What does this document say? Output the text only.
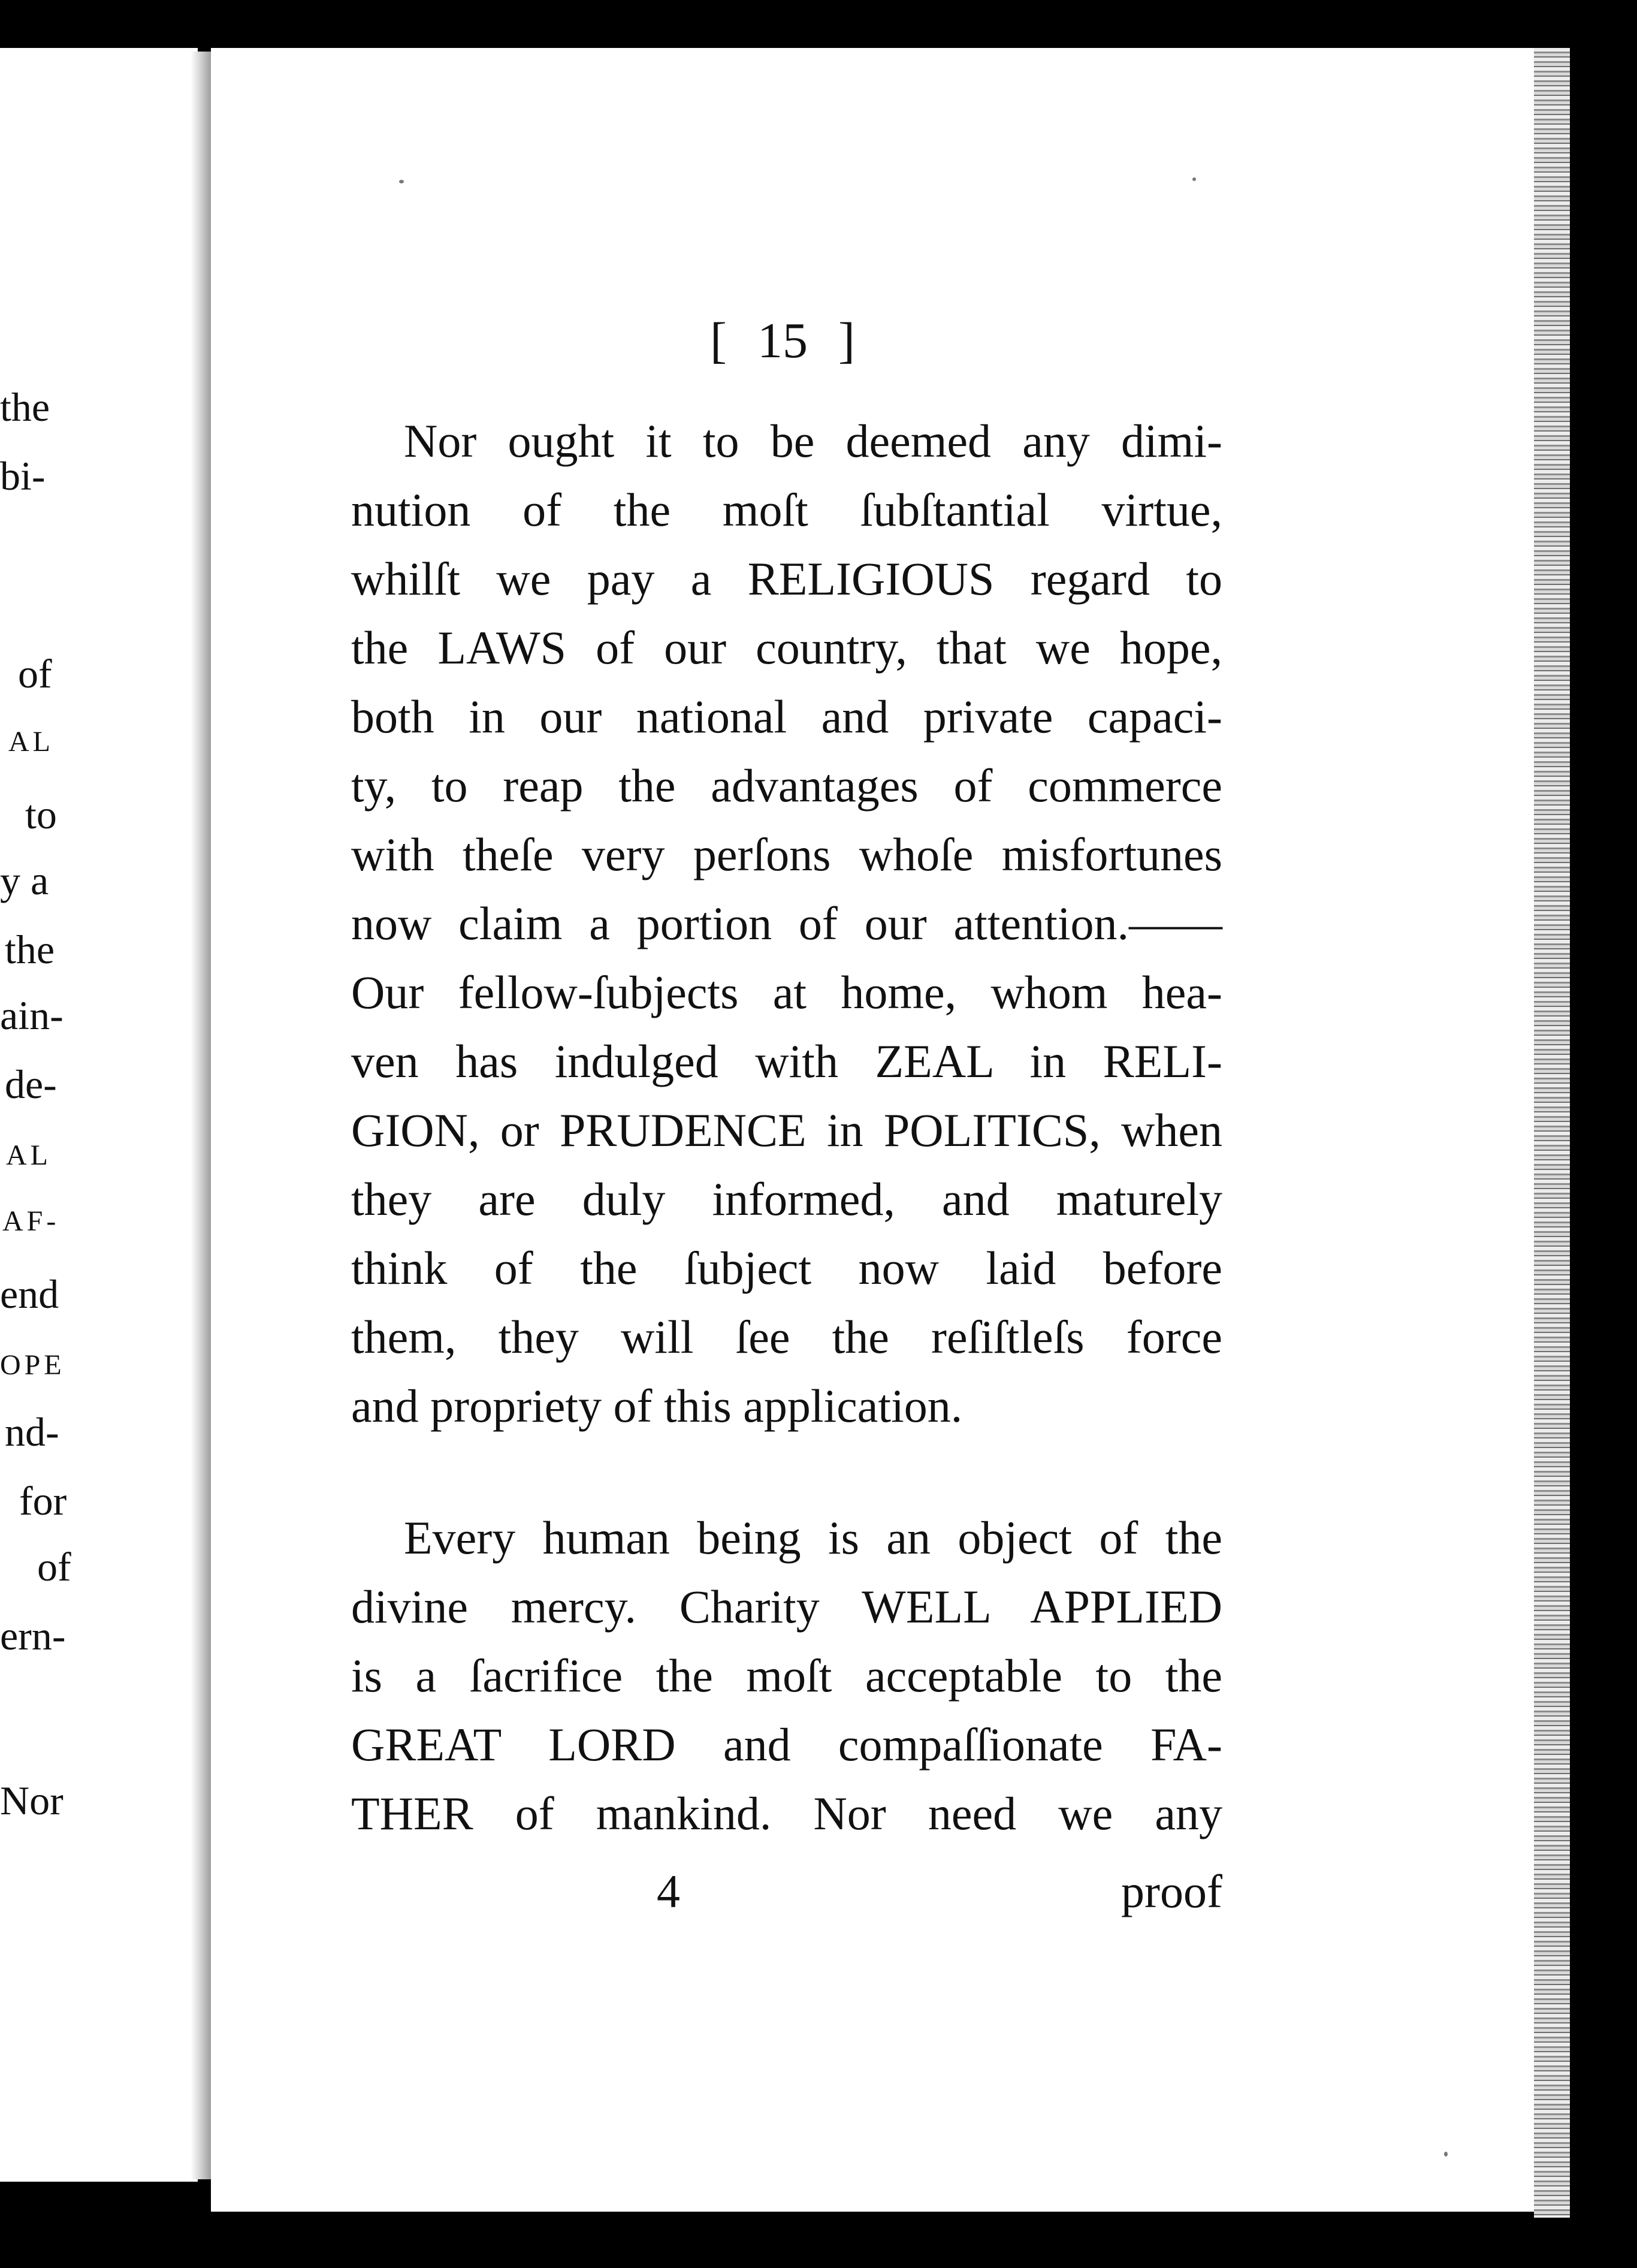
the
bi-
of
AL
to
y a
the
ain-
de-
AL
AF-
end
OPE
nd-
for
of
ern-
Nor
[ 15 ]
Nor ought it to be deemed any dimi-
nution of the moſt ſubſtantial virtue,
whilſt we pay a RELIGIOUS regard to
the LAWS of our country, that we hope,
both in our national and private capaci-
ty, to reap the advantages of commerce
with theſe very perſons whoſe misfortunes
now claim a portion of our attention.——
Our fellow-ſubjects at home, whom hea-
ven has indulged with ZEAL in RELI-
GION, or PRUDENCE in POLITICS, when
they are duly informed, and maturely
think of the ſubject now laid before
them, they will ſee the reſiſtleſs force
and propriety of this application.
Every human being is an object of the
divine mercy. Charity WELL APPLIED
is a ſacrifice the moſt acceptable to the
GREAT LORD and compaſſionate FA-
THER of mankind. Nor need we any
4	proof
